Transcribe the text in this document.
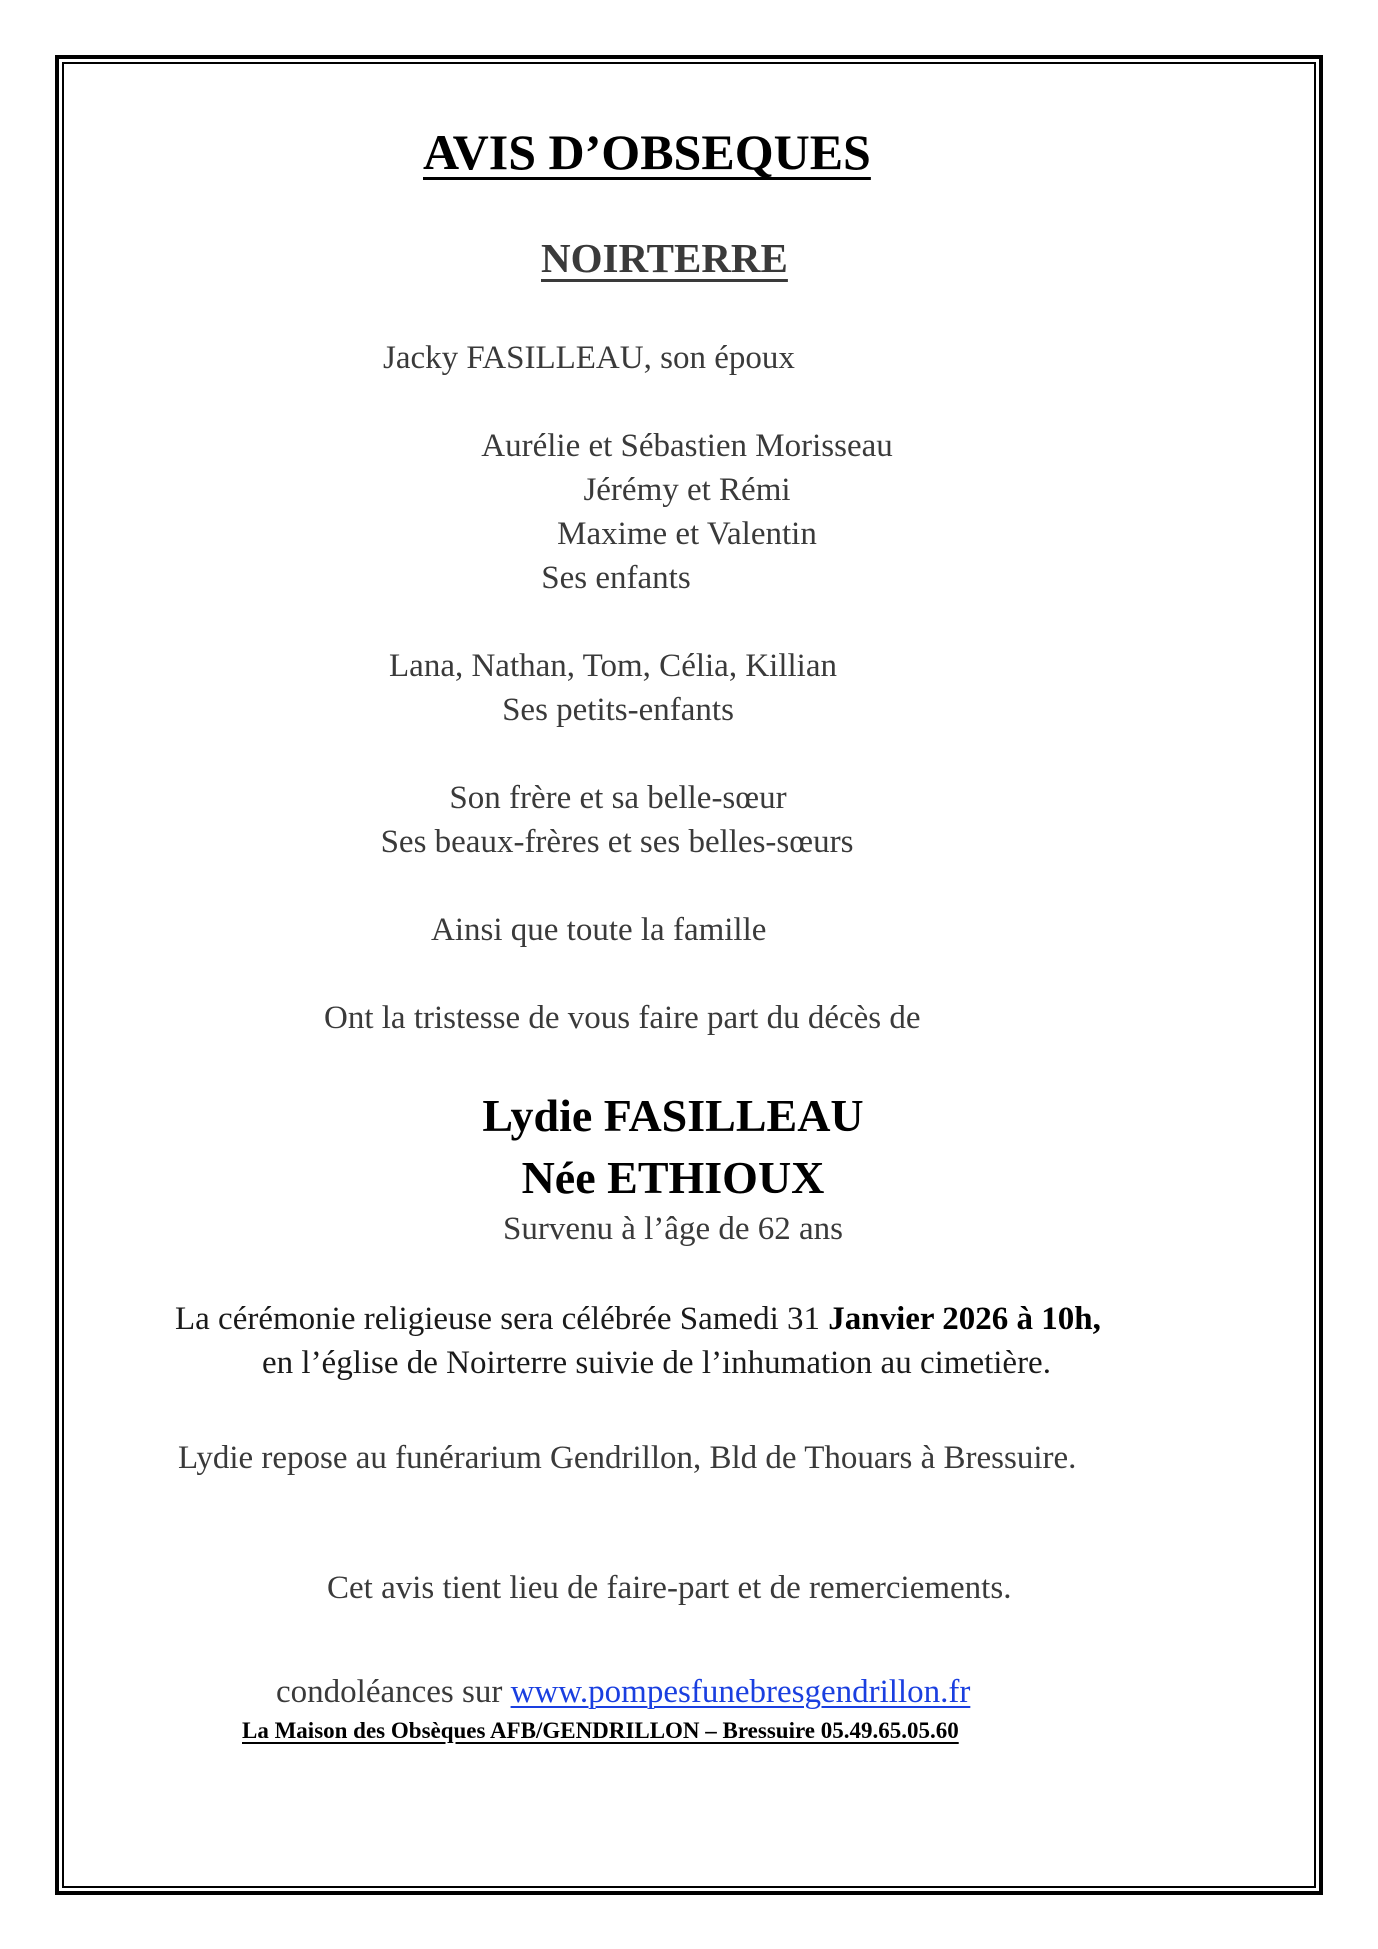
AVIS D’OBSEQUES
NOIRTERRE
Jacky FASILLEAU, son époux
Aurélie et Sébastien Morisseau
Jérémy et Rémi
Maxime et Valentin
Ses enfants
Lana, Nathan, Tom, Célia, Killian
Ses petits-enfants
Son frère et sa belle-sœur
Ses beaux-frères et ses belles-sœurs
Ainsi que toute la famille
Ont la tristesse de vous faire part du décès de
Lydie FASILLEAU
Née ETHIOUX
Survenu à l’âge de 62 ans
La cérémonie religieuse sera célébrée Samedi 31 Janvier 2026 à 10h,
en l’église de Noirterre suivie de l’inhumation au cimetière.
Lydie repose au funérarium Gendrillon, Bld de Thouars à Bressuire.
Cet avis tient lieu de faire-part et de remerciements.
condoléances sur www.pompesfunebresgendrillon.fr
La Maison des Obsèques AFB/GENDRILLON – Bressuire 05.49.65.05.60
